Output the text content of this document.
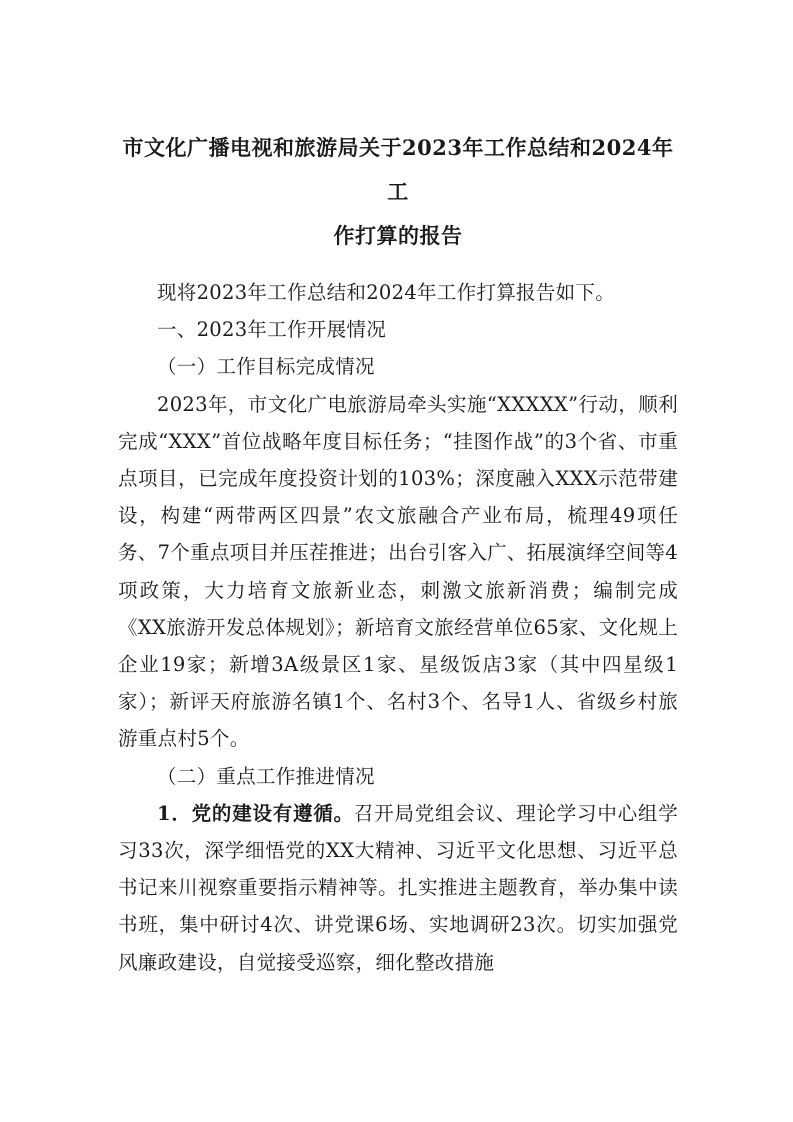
市文化广播电视和旅游局关于2023年工作总结和2024年工
作打算的报告

现将2023年工作总结和2024年工作打算报告如下。

一、2023年工作开展情况

（一）工作目标完成情况

2023年，市文化广电旅游局牵头实施“XXXXX”行动，顺利完成“XXX”首位战略年度目标任务；“挂图作战”的3个省、市重点项目，已完成年度投资计划的103%；深度融入XXX示范带建设，构建“两带两区四景”农文旅融合产业布局，梳理49项任务、7个重点项目并压茬推进；出台引客入广、拓展演绎空间等4项政策，大力培育文旅新业态，刺激文旅新消费；编制完成《XX旅游开发总体规划》；新培育文旅经营单位65家、文化规上企业19家；新增3A级景区1家、星级饭店3家（其中四星级1家）；新评天府旅游名镇1个、名村3个、名导1人、省级乡村旅游重点村5个。

（二）重点工作推进情况

1．党的建设有遵循。召开局党组会议、理论学习中心组学习33次，深学细悟党的XX大精神、习近平文化思想、习近平总书记来川视察重要指示精神等。扎实推进主题教育，举办集中读书班，集中研讨4次、讲党课6场、实地调研23次。切实加强党风廉政建设，自觉接受巡察，细化整改措施
